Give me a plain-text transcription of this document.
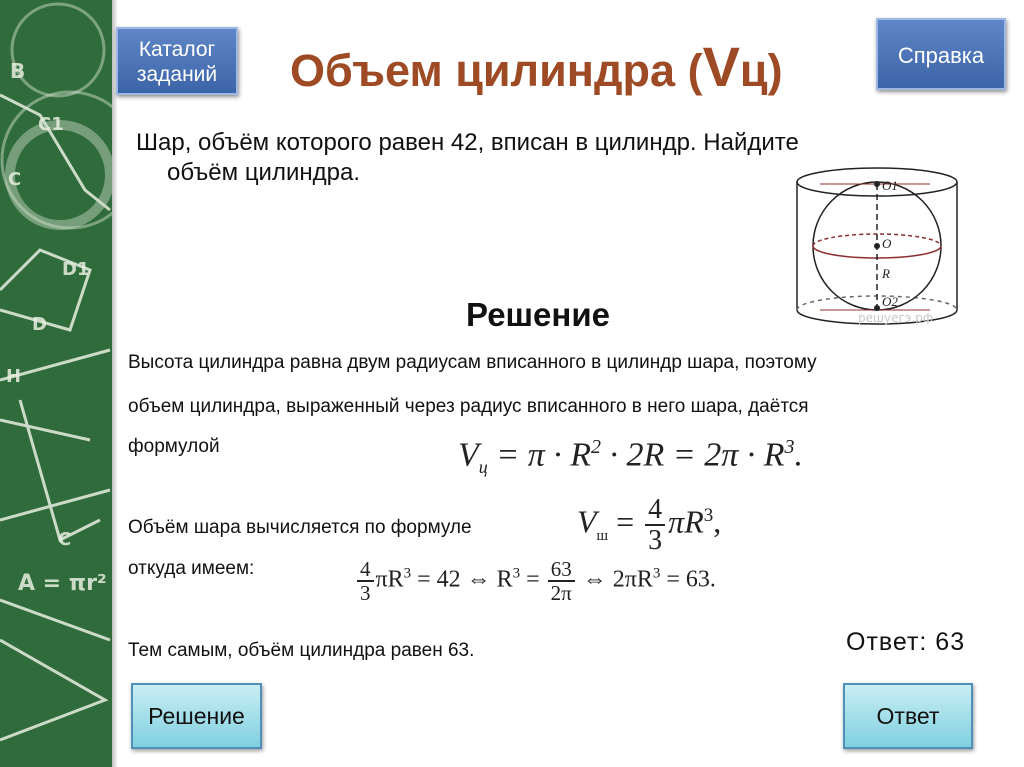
B
C1
C
D1
D
H
C
A = πr²
Каталог
заданий	Объем цилиндра (Vц)	Справка
Шар, объём которого равен 42, вписан в цилиндр. Найдите
объём цилиндра.	O1
O
R
O2
решуегэ.рф
Решение
Высота цилиндра равна двум радиусам вписанного в цилиндр шара, поэтому
объем цилиндра, выраженный через радиус вписанного в него шара, даётся
формулой	$V_ц = \pi \cdot R^2 \cdot 2R = 2\pi \cdot R^3$.
Объём шара вычисляется по формуле	$V_ш = \frac{4}{3} \pi R^3$,
откуда имеем:	$\frac{4}{3} \pi R^3 = 42$ ⇔ $R^3 = \frac{63}{2\pi}$ ⇔ $2\pi R^3 = 63$.
Ответ: 63
Тем самым, объём цилиндра равен 63.
Решение	Ответ
